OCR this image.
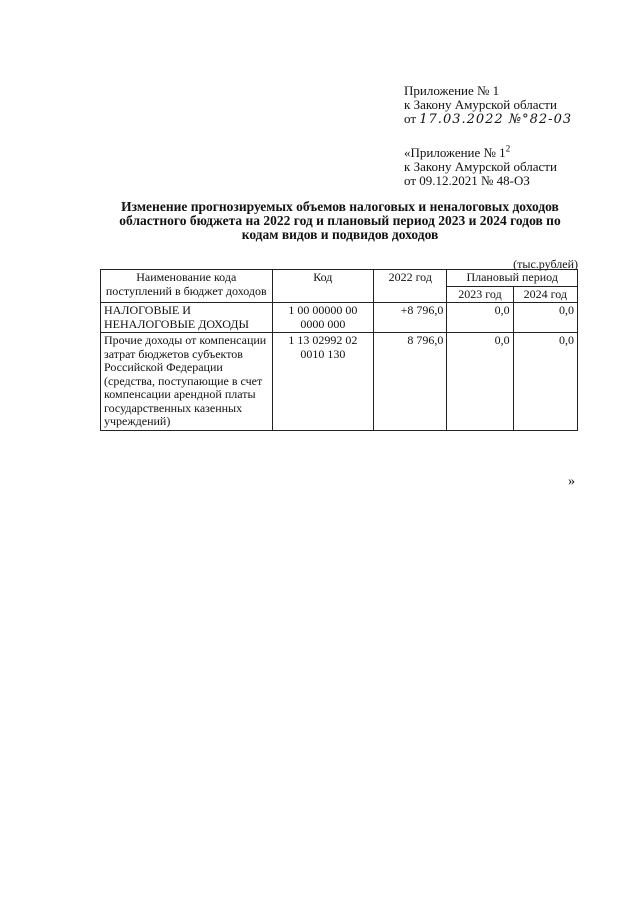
Приложение № 1
к Закону Амурской области
от 17.03.2022 №°82-03
«Приложение № $1^2$
к Закону Амурской области
от 09.12.2021 № 48-ОЗ
Изменение прогнозируемых объемов налоговых и неналоговых доходов областного бюджета на 2022 год и плановый период 2023 и 2024 годов по кодам видов и подвидов доходов
(тыс.рублей)
Наименование кода поступлений в бюджет доходов	Код	2022 год	Плановый период	
			2023 год	2024 год
НАЛОГОВЫЕ И НЕНАЛОГОВЫЕ ДОХОДЫ	1 00 00000 00 0000 000	+8 796,0	0,0	0,0
Прочие доходы от компенсации затрат бюджетов субъектов Российской Федерации (средства, поступающие в счет компенсации арендной платы государственных казенных учреждений)	1 13 02992 02 0010 130	8 796,0	0,0	0,0
»
